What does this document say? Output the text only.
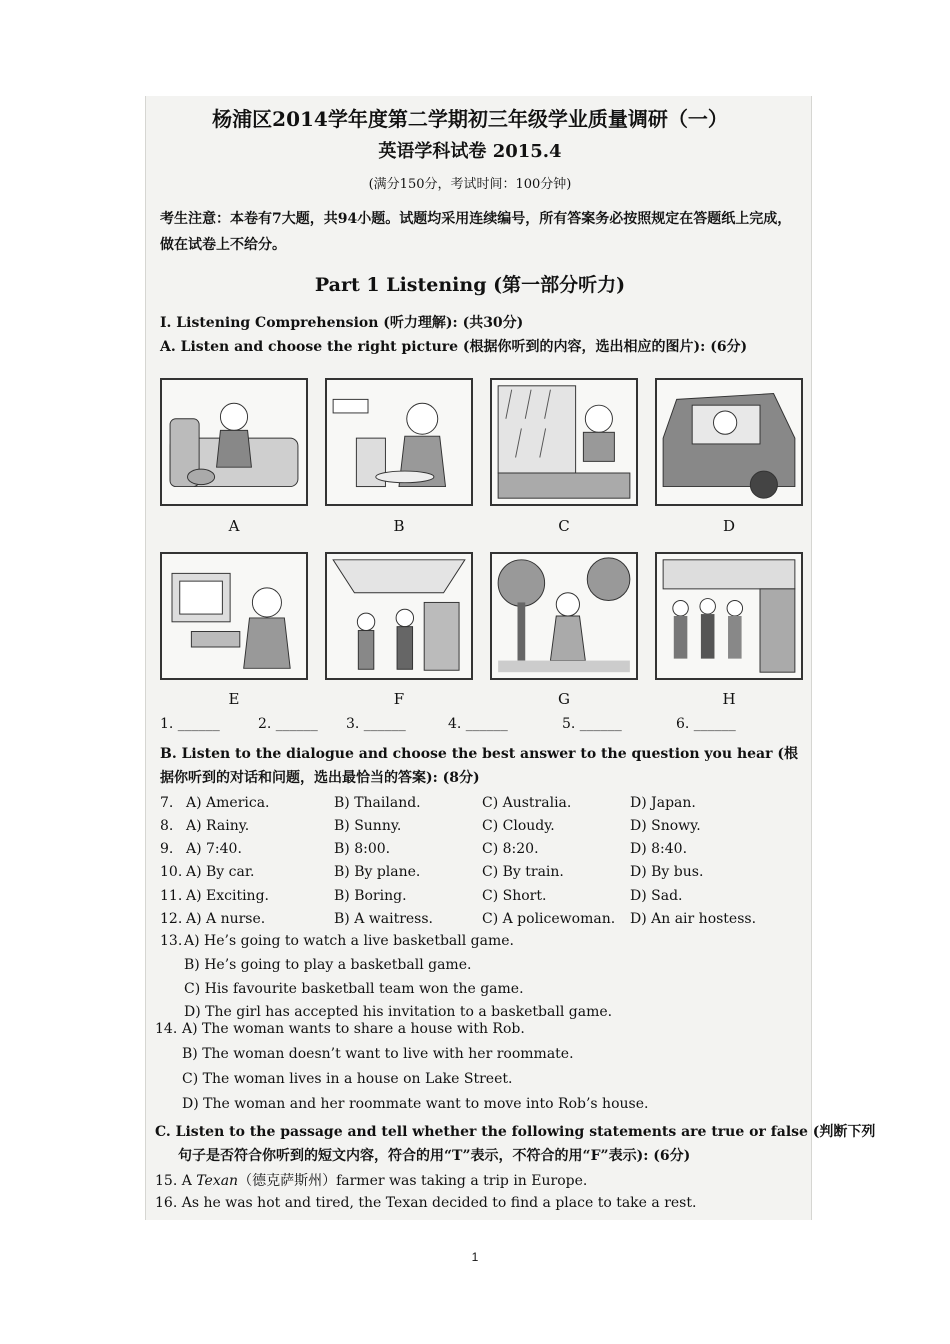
杨浦区2014学年度第二学期初三年级学业质量调研（一）
英语学科试卷 2015.4
(满分150分，考试时间：100分钟)
考生注意：本卷有7大题，共94小题。试题均采用连续编号，所有答案务必按照规定在答题纸上完成，做在试卷上不给分。
Part 1 Listening (第一部分听力)
I. Listening Comprehension (听力理解): (共30分)
A. Listen and choose the right picture (根据你听到的内容，选出相应的图片): (6分)
A	B	C	D
E	F	G	H
1. ______	2. ______ 3. ______	4. ______	5. ______	6. ______
B. Listen to the dialogue and choose the best answer to the question you hear (根据你听到的对话和问题，选出最恰当的答案): (8分)
7. A) America.	B) Thailand.	C) Australia.	D) Japan.
8. A) Rainy.	B) Sunny.	C) Cloudy.	D) Snowy.
9. A) 7:40.	B) 8:00.	C) 8:20.	D) 8:40.
10. A) By car.	B) By plane.	C) By train.	D) By bus.
11. A) Exciting.	B) Boring.	C) Short.	D) Sad.
12. A) A nurse.	B) A waitress.	C) A policewoman. D) An air hostess.
13. A) He’s going to watch a live basketball game.
B) He’s going to play a basketball game.
C) His favourite basketball team won the game.
D) The girl has accepted his invitation to a basketball game.
14. A) The woman wants to share a house with Rob.
B) The woman doesn’t want to live with her roommate.
C) The woman lives in a house on Lake Street.
D) The woman and her roommate want to move into Rob’s house.
C. Listen to the passage and tell whether the following statements are true or false (判断下列
句子是否符合你听到的短文内容，符合的用“T”表示，不符合的用“F”表示): (6分)
15. A Texan（德克萨斯州）farmer was taking a trip in Europe.
16. As he was hot and tired, the Texan decided to find a place to take a rest.
1
